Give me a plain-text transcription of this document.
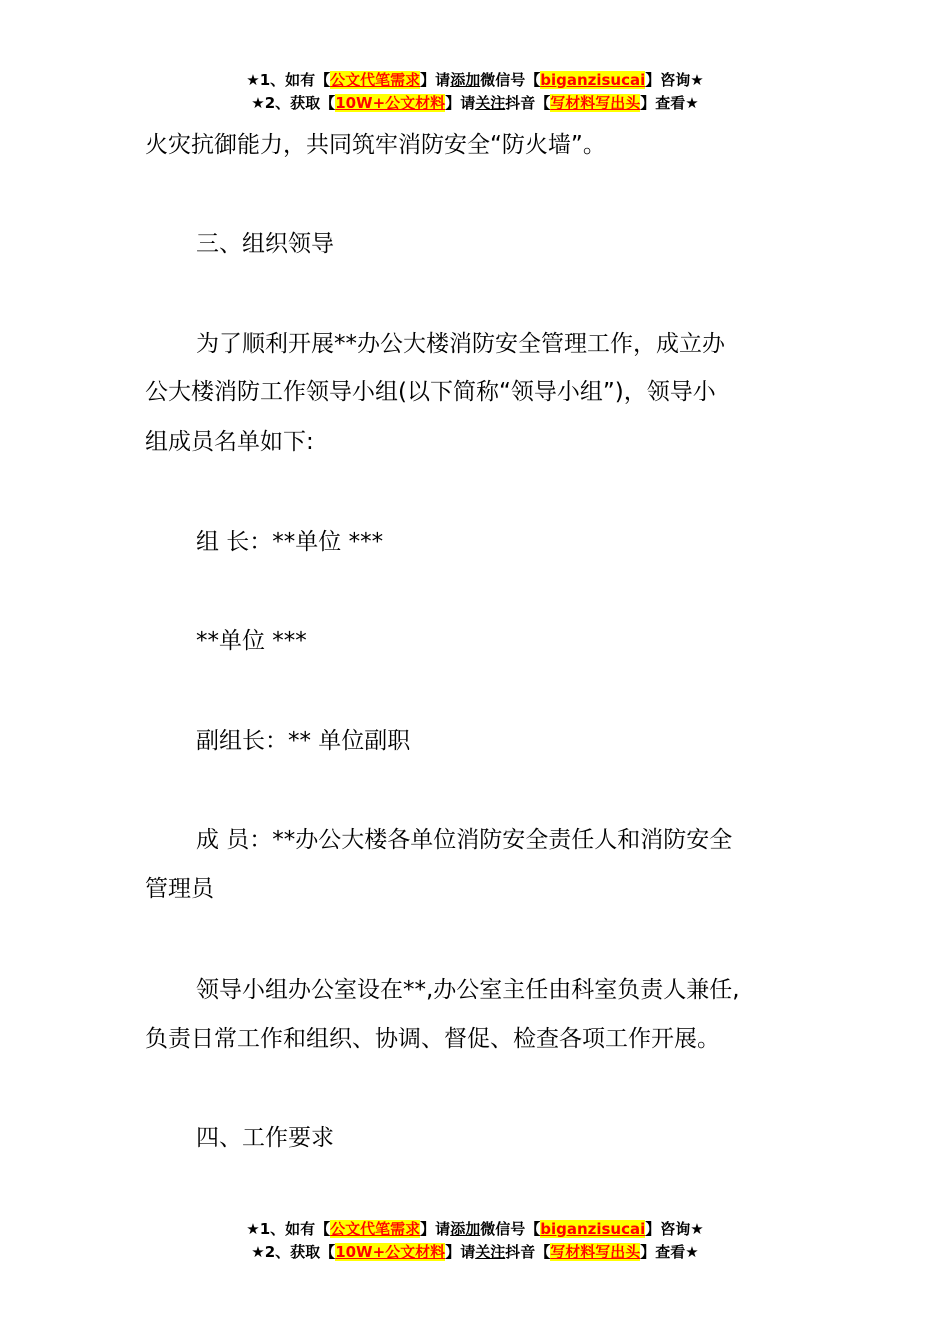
★1、如有【公文代笔需求】请添加微信号【biganzisucai】咨询★
★2、获取【10W+公文材料】请关注抖音【写材料写出头】查看★
火灾抗御能力，共同筑牢消防安全“防火墙”。
三、组织领导
为了顺利开展**办公大楼消防安全管理工作，成立办
公大楼消防工作领导小组(以下简称“领导小组”)，领导小
组成员名单如下:
组 长：**单位 ***
**单位 ***
副组长：** 单位副职
成 员：**办公大楼各单位消防安全责任人和消防安全
管理员
领导小组办公室设在**,办公室主任由科室负责人兼任,
负责日常工作和组织、协调、督促、检查各项工作开展。
四、工作要求
★1、如有【公文代笔需求】请添加微信号【biganzisucai】咨询★
★2、获取【10W+公文材料】请关注抖音【写材料写出头】查看★
